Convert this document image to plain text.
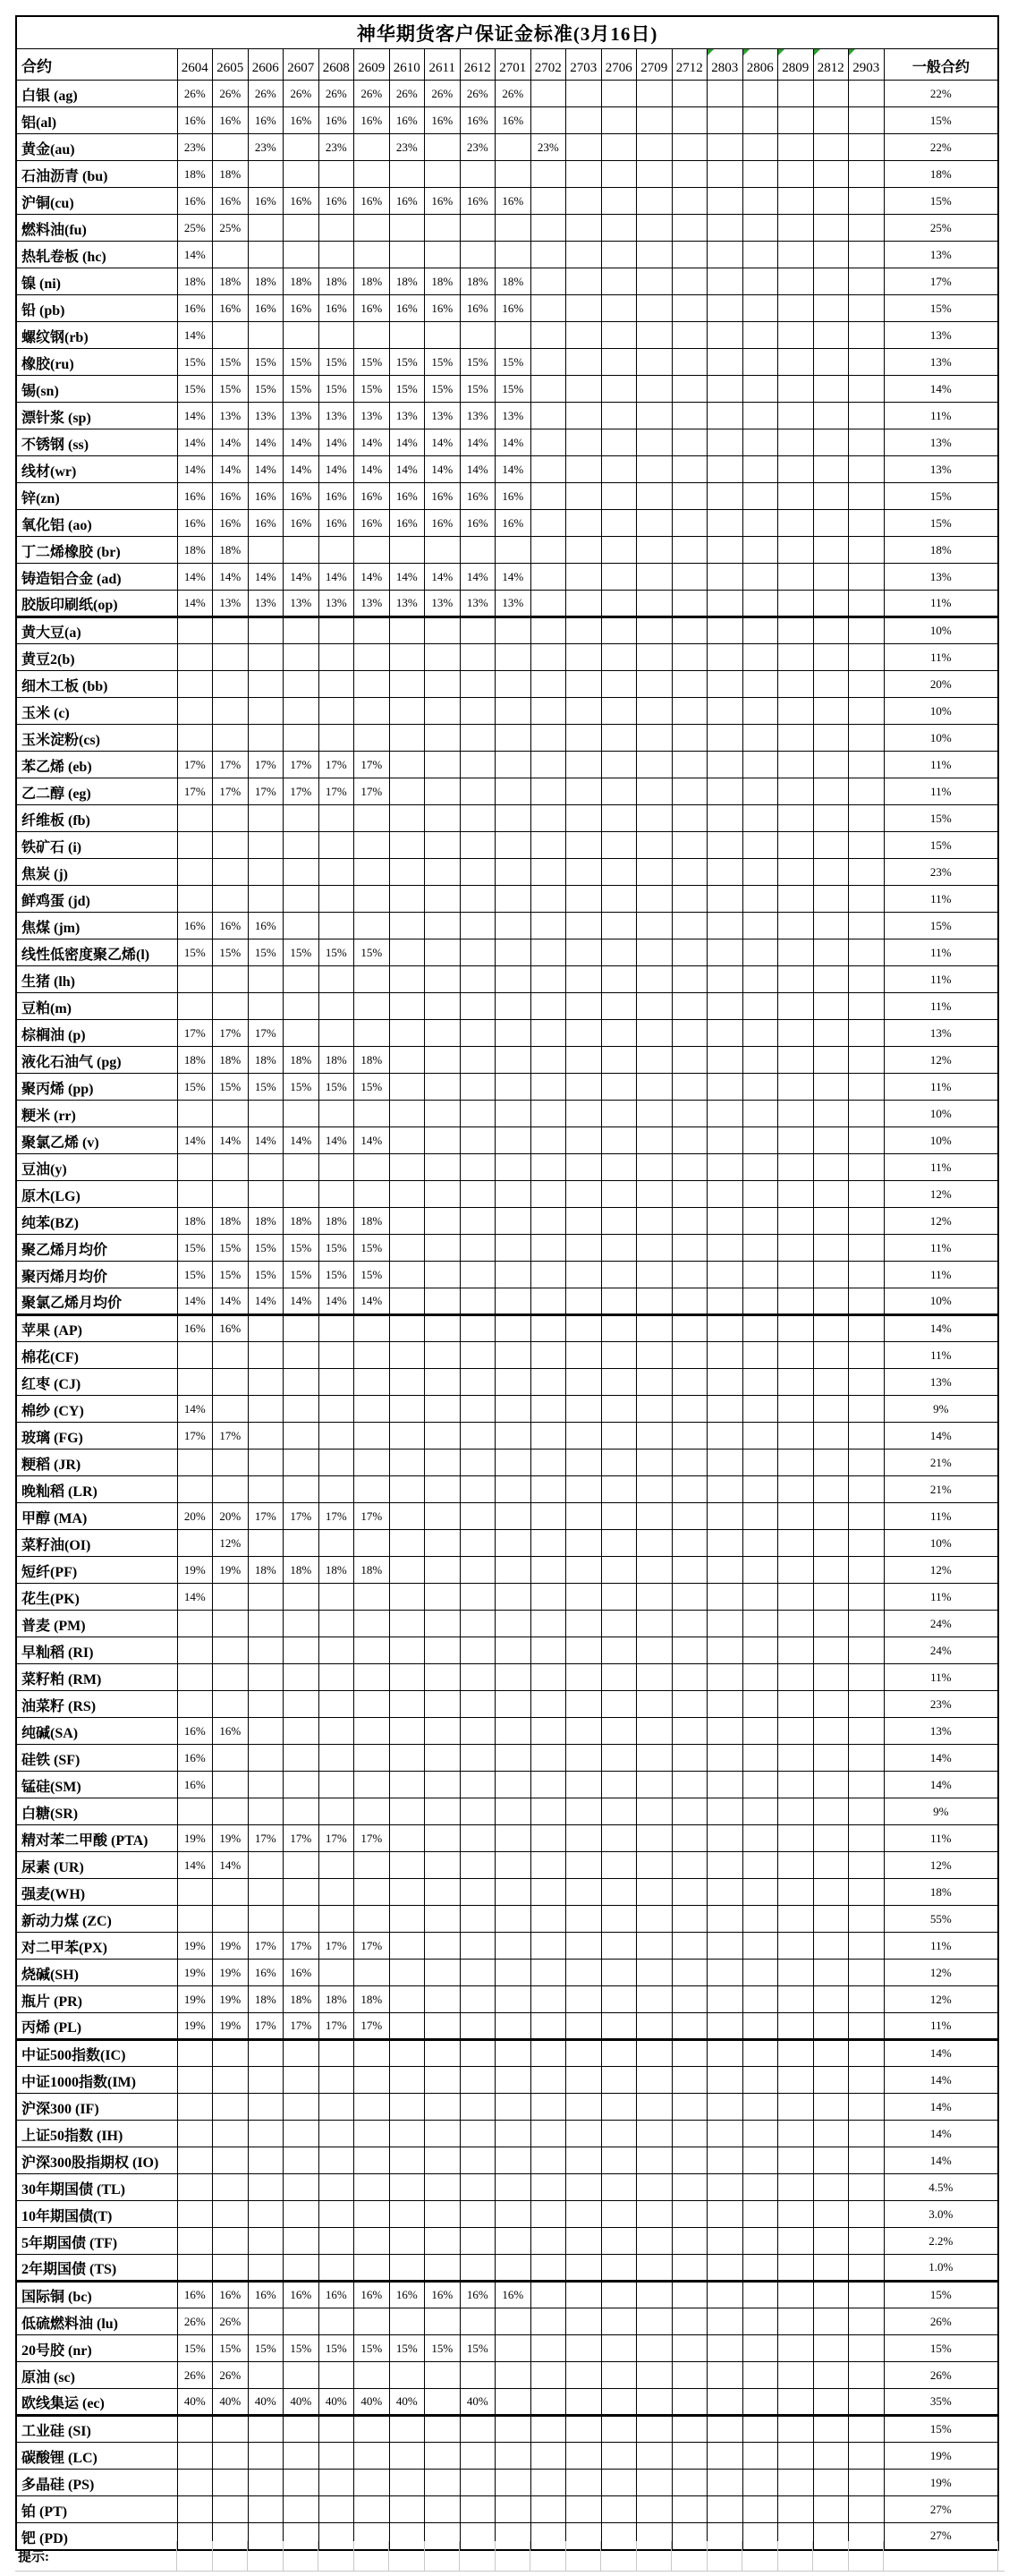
神华期货客户保证金标准(3月16日)																					
合约	2604	2605	2606	2607	2608	2609	2610	2611	2612	2701	2702	2703	2706	2709	2712	2803	2806	2809	2812	2903	一般合约
白银 (ag)	26%	26%	26%	26%	26%	26%	26%	26%	26%	26%											22%
铝(al)	16%	16%	16%	16%	16%	16%	16%	16%	16%	16%											15%
黄金(au)	23%		23%		23%		23%		23%		23%										22%
石油沥青 (bu)	18%	18%																			18%
沪铜(cu)	16%	16%	16%	16%	16%	16%	16%	16%	16%	16%											15%
燃料油(fu)	25%	25%																			25%
热轧卷板 (hc)	14%																				13%
镍 (ni)	18%	18%	18%	18%	18%	18%	18%	18%	18%	18%											17%
铅 (pb)	16%	16%	16%	16%	16%	16%	16%	16%	16%	16%											15%
螺纹钢(rb)	14%																				13%
橡胶(ru)	15%	15%	15%	15%	15%	15%	15%	15%	15%	15%											13%
锡(sn)	15%	15%	15%	15%	15%	15%	15%	15%	15%	15%											14%
漂针浆 (sp)	14%	13%	13%	13%	13%	13%	13%	13%	13%	13%											11%
不锈钢 (ss)	14%	14%	14%	14%	14%	14%	14%	14%	14%	14%											13%
线材(wr)	14%	14%	14%	14%	14%	14%	14%	14%	14%	14%											13%
锌(zn)	16%	16%	16%	16%	16%	16%	16%	16%	16%	16%											15%
氧化铝 (ao)	16%	16%	16%	16%	16%	16%	16%	16%	16%	16%											15%
丁二烯橡胶 (br)	18%	18%																			18%
铸造铝合金 (ad)	14%	14%	14%	14%	14%	14%	14%	14%	14%	14%											13%
胶版印刷纸(op)	14%	13%	13%	13%	13%	13%	13%	13%	13%	13%											11%
黄大豆(a)																					10%
黄豆2(b)																					11%
细木工板 (bb)																					20%
玉米 (c)																					10%
玉米淀粉(cs)																					10%
苯乙烯 (eb)	17%	17%	17%	17%	17%	17%															11%
乙二醇 (eg)	17%	17%	17%	17%	17%	17%															11%
纤维板 (fb)																					15%
铁矿石 (i)																					15%
焦炭 (j)																					23%
鲜鸡蛋 (jd)																					11%
焦煤 (jm)	16%	16%	16%																		15%
线性低密度聚乙烯(l)	15%	15%	15%	15%	15%	15%															11%
生猪 (lh)																					11%
豆粕(m)																					11%
棕榈油 (p)	17%	17%	17%																		13%
液化石油气 (pg)	18%	18%	18%	18%	18%	18%															12%
聚丙烯 (pp)	15%	15%	15%	15%	15%	15%															11%
粳米 (rr)																					10%
聚氯乙烯 (v)	14%	14%	14%	14%	14%	14%															10%
豆油(y)																					11%
原木(LG)																					12%
纯苯(BZ)	18%	18%	18%	18%	18%	18%															12%
聚乙烯月均价	15%	15%	15%	15%	15%	15%															11%
聚丙烯月均价	15%	15%	15%	15%	15%	15%															11%
聚氯乙烯月均价	14%	14%	14%	14%	14%	14%															10%
苹果 (AP)	16%	16%																			14%
棉花(CF)																					11%
红枣 (CJ)																					13%
棉纱 (CY)	14%																				9%
玻璃 (FG)	17%	17%																			14%
粳稻 (JR)																					21%
晚籼稻 (LR)																					21%
甲醇 (MA)	20%	20%	17%	17%	17%	17%															11%
菜籽油(OI)		12%																			10%
短纤(PF)	19%	19%	18%	18%	18%	18%															12%
花生(PK)	14%																				11%
普麦 (PM)																					24%
早籼稻 (RI)																					24%
菜籽粕 (RM)																					11%
油菜籽 (RS)																					23%
纯碱(SA)	16%	16%																			13%
硅铁 (SF)	16%																				14%
锰硅(SM)	16%																				14%
白糖(SR)																					9%
精对苯二甲酸 (PTA)	19%	19%	17%	17%	17%	17%															11%
尿素 (UR)	14%	14%																			12%
强麦(WH)																					18%
新动力煤 (ZC)																					55%
对二甲苯(PX)	19%	19%	17%	17%	17%	17%															11%
烧碱(SH)	19%	19%	16%	16%																	12%
瓶片 (PR)	19%	19%	18%	18%	18%	18%															12%
丙烯 (PL)	19%	19%	17%	17%	17%	17%															11%
中证500指数(IC)																					14%
中证1000指数(IM)																					14%
沪深300 (IF)																					14%
上证50指数 (IH)																					14%
沪深300股指期权 (IO)																					14%
30年期国债 (TL)																					4.5%
10年期国债(T)																					3.0%
5年期国债 (TF)																					2.2%
2年期国债 (TS)																					1.0%
国际铜 (bc)	16%	16%	16%	16%	16%	16%	16%	16%	16%	16%											15%
低硫燃料油 (lu)	26%	26%																			26%
20号胶 (nr)	15%	15%	15%	15%	15%	15%	15%	15%	15%												15%
原油 (sc)	26%	26%																			26%
欧线集运 (ec)	40%	40%	40%	40%	40%	40%	40%		40%												35%
工业硅 (SI)																					15%
碳酸锂 (LC)																					19%
多晶硅 (PS)																					19%
铂 (PT)																					27%
钯 (PD)																					27%
提示:
